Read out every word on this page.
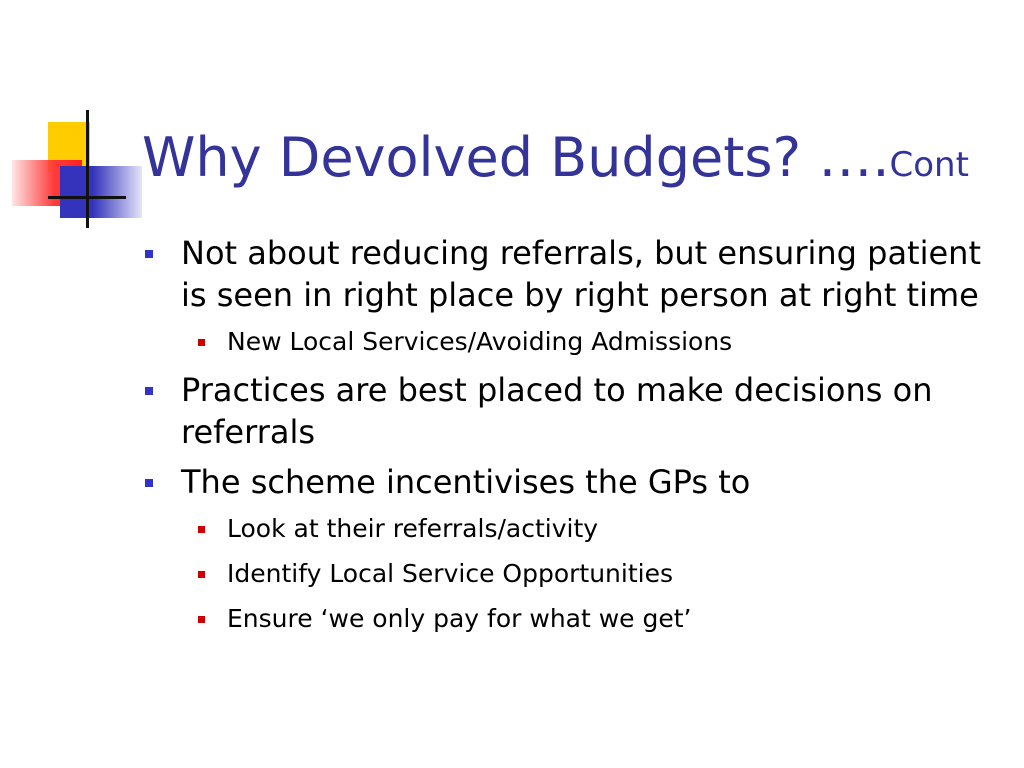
Why Devolved Budgets? ….Cont
Not about reducing referrals, but ensuring patient is seen in right place by right person at right time
New Local Services/Avoiding Admissions
Practices are best placed to make decisions on referrals
The scheme incentivises the GPs to
Look at their referrals/activity
Identify Local Service Opportunities
Ensure ‘we only pay for what we get’
